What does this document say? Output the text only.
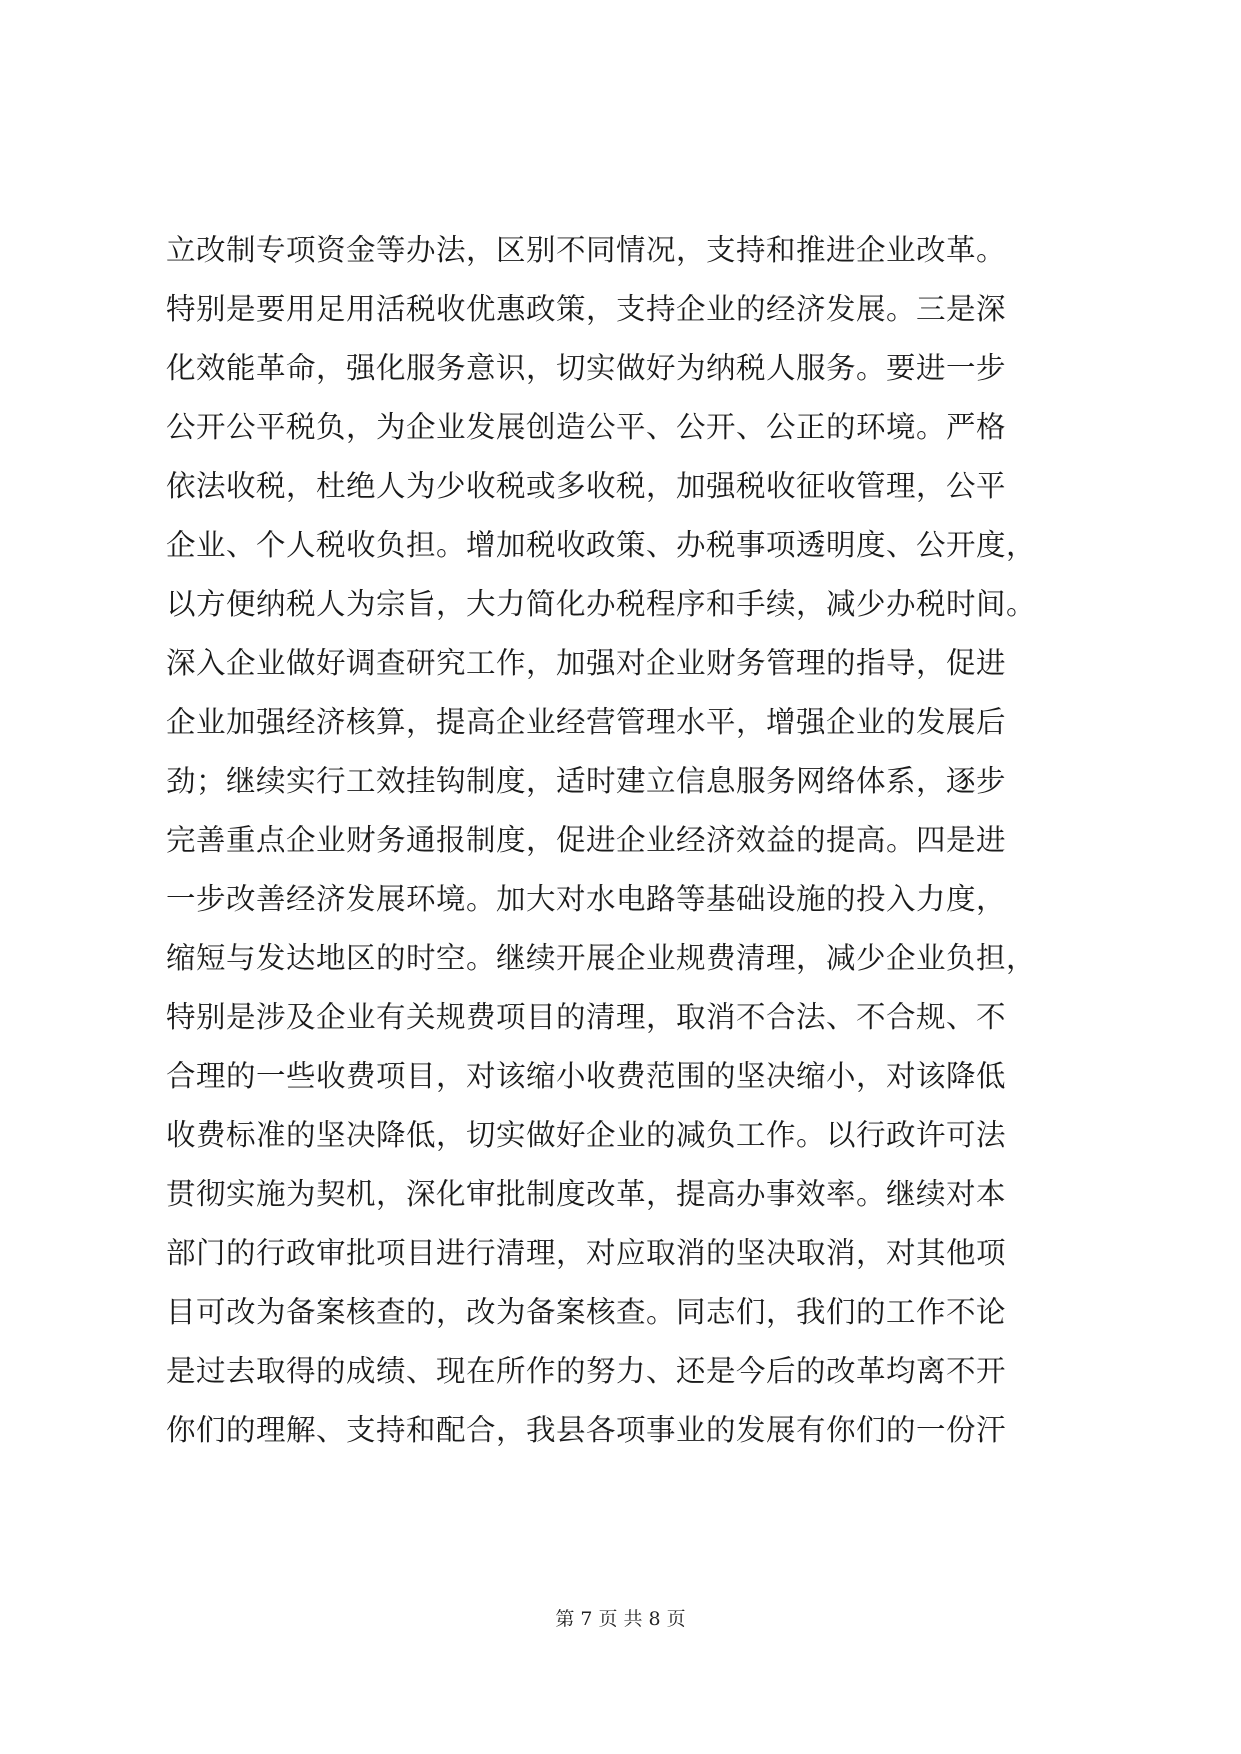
立改制专项资金等办法，区别不同情况，支持和推进企业改革。
特别是要用足用活税收优惠政策，支持企业的经济发展。三是深
化效能革命，强化服务意识，切实做好为纳税人服务。要进一步
公开公平税负，为企业发展创造公平、公开、公正的环境。严格
依法收税，杜绝人为少收税或多收税，加强税收征收管理，公平
企业、个人税收负担。增加税收政策、办税事项透明度、公开度，
以方便纳税人为宗旨，大力简化办税程序和手续，减少办税时间。
深入企业做好调查研究工作，加强对企业财务管理的指导，促进
企业加强经济核算，提高企业经营管理水平，增强企业的发展后
劲；继续实行工效挂钩制度，适时建立信息服务网络体系，逐步
完善重点企业财务通报制度，促进企业经济效益的提高。四是进
一步改善经济发展环境。加大对水电路等基础设施的投入力度，
缩短与发达地区的时空。继续开展企业规费清理，减少企业负担，
特别是涉及企业有关规费项目的清理，取消不合法、不合规、不
合理的一些收费项目，对该缩小收费范围的坚决缩小，对该降低
收费标准的坚决降低，切实做好企业的减负工作。以行政许可法
贯彻实施为契机，深化审批制度改革，提高办事效率。继续对本
部门的行政审批项目进行清理，对应取消的坚决取消，对其他项
目可改为备案核查的，改为备案核查。同志们，我们的工作不论
是过去取得的成绩、现在所作的努力、还是今后的改革均离不开
你们的理解、支持和配合，我县各项事业的发展有你们的一份汗
第 7 页 共 8 页
